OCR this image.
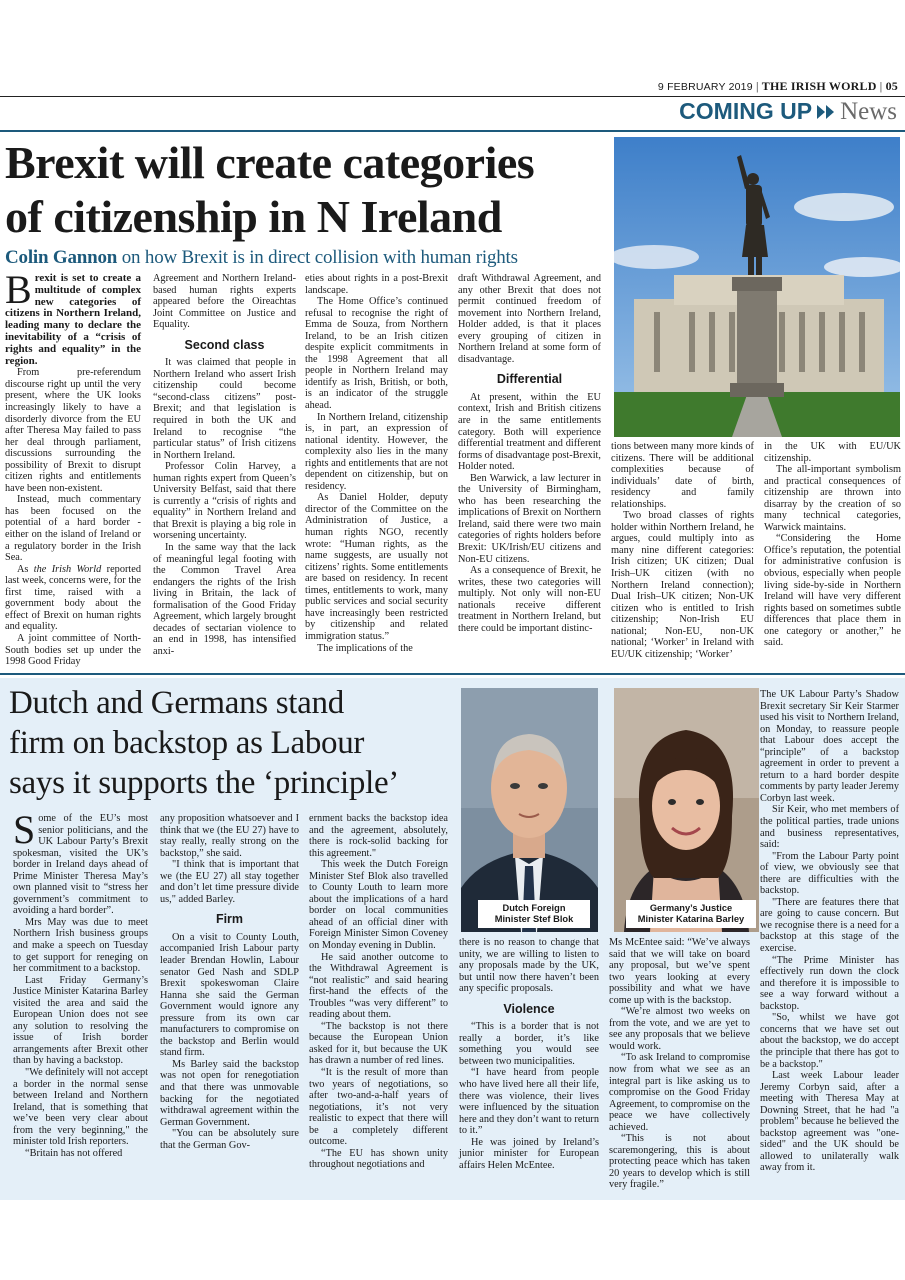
9 FEBRUARY 2019 | THE IRISH WORLD | 05
COMING UP News
Brexit will create categories
of citizenship in N Ireland
Colin Gannon on how Brexit is in direct collision with human rights

Brexit is set to create a multitude of complex new categories of citizens in Northern Ireland, leading many to declare the inevitability of a “crisis of rights and equality” in the region.

From pre-referendum discourse right up until the very present, where the UK looks increasingly likely to have a disorderly divorce from the EU after Theresa May failed to pass her deal through parliament, discussions surrounding the possibility of Brexit to disrupt citizen rights and entitlements have been non-existent.

Instead, much commentary has been focused on the potential of a hard border - either on the island of Ireland or a regulatory border in the Irish Sea.

As the Irish World reported last week, concerns were, for the first time, raised with a government body about the effect of Brexit on human rights and equality.

A joint committee of North-South bodies set up under the 1998 Good Friday

Agreement and Northern Ireland-based human rights experts appeared before the Oireachtas Joint Committee on Justice and Equality.

Second class

It was claimed that people in Northern Ireland who assert Irish citizenship could become “second-class citizens” post-Brexit; and that legislation is required in both the UK and Ireland to recognise “the particular status” of Irish citizens in Northern Ireland.

Professor Colin Harvey, a human rights expert from Queen’s University Belfast, said that there is currently a “crisis of rights and equality” in Northern Ireland and that Brexit is playing a big role in worsening uncertainty.

In the same way that the lack of meaningful legal footing with the Common Travel Area endangers the rights of the Irish living in Britain, the lack of formalisation of the Good Friday Agreement, which largely brought decades of sectarian violence to an end in 1998, has intensified anxi-

eties about rights in a post-Brexit landscape.

The Home Office’s continued refusal to recognise the right of Emma de Souza, from Northern Ireland, to be an Irish citizen despite explicit commitments in the 1998 Agreement that all people in Northern Ireland may identify as Irish, British, or both, is an indicator of the struggle ahead.

In Northern Ireland, citizenship is, in part, an expression of national identity. However, the complexity also lies in the many rights and entitlements that are not dependent on citizenship, but on residency.

As Daniel Holder, deputy director of the Committee on the Administration of Justice, a human rights NGO, recently wrote: “Human rights, as the name suggests, are usually not citizens’ rights. Some entitlements are based on residency. In recent times, entitlements to work, many public services and social security have increasingly been restricted by citizenship and related immigration status.”

The implications of the

draft Withdrawal Agreement, and any other Brexit that does not permit continued freedom of movement into Northern Ireland, Holder added, is that it places every grouping of citizen in Northern Ireland at some form of disadvantage.

Differential

At present, within the EU context, Irish and British citizens are in the same entitlements category. Both will experience differential treatment and different forms of disadvantage post-Brexit, Holder noted.

Ben Warwick, a law lecturer in the University of Birmingham, who has been researching the implications of Brexit on Northern Ireland, said there were two main categories of rights holders before Brexit: UK/Irish/EU citizens and Non-EU citizens.

As a consequence of Brexit, he writes, these two categories will multiply. Not only will non-EU nationals receive different treatment in Northern Ireland, but there could be important distinc-

tions between many more kinds of citizens. There will be additional complexities because of individuals’ date of birth, residency and family relationships.

Two broad classes of rights holder within Northern Ireland, he argues, could multiply into as many nine different categories: Irish citizen; UK citizen; Dual Irish–UK citizen (with no Northern Ireland connection); Dual Irish–UK citizen; Non-UK citizen who is entitled to Irish citizenship; Non-Irish EU national; Non-EU, non-UK national; ‘Worker’ in Ireland with EU/UK citizenship; ‘Worker’

in the UK with EU/UK citizenship.

The all-important symbolism and practical consequences of citizenship are thrown into disarray by the creation of so many technical categories, Warwick maintains.

“Considering the Home Office’s reputation, the potential for administrative confusion is obvious, especially when people living side-by-side in Northern Ireland will have very different rights based on sometimes subtle differences that place them in one category or another,” he said.

Dutch and Germans stand
firm on backstop as Labour
says it supports the ‘principle’
Dutch Foreign
Minister Stef Blok
Germany’s Justice
Minister Katarina Barley

Some of the EU’s most senior politicians, and the UK Labour Party’s Brexit spokesman, visited the UK’s border in Ireland days ahead of Prime Minister Theresa May’s own planned visit to “stress her government’s commitment to avoiding a hard border”.

Mrs May was due to meet Northern Irish business groups and make a speech on Tuesday to get support for reneging on her commitment to a backstop.

Last Friday Germany’s Justice Minister Katarina Barley visited the area and said the European Union does not see any solution to resolving the issue of Irish border arrangements after Brexit other than by having a backstop.

"We definitely will not accept a border in the normal sense between Ireland and Northern Ireland, that is something that we’ve been very clear about from the very beginning," the minister told Irish reporters.

“Britain has not offered

any proposition whatsoever and I think that we (the EU 27) have to stay really, really strong on the backstop,” she said.

"I think that is important that we (the EU 27) all stay together and don’t let time pressure divide us," added Barley.

Firm

On a visit to County Louth, accompanied Irish Labour party leader Brendan Howlin, Labour senator Ged Nash and SDLP Brexit spokeswoman Claire Hanna she said the German Government would ignore any pressure from its own car manufacturers to compromise on the backstop and Berlin would stand firm.

Ms Barley said the backstop was not open for renegotiation and that there was unmovable backing for the negotiated withdrawal agreement within the German Government.

"You can be absolutely sure that the German Gov-

ernment backs the backstop idea and the agreement, absolutely, there is rock-solid backing for this agreement."

This week the Dutch Foreign Minister Stef Blok also travelled to County Louth to learn more about the implications of a hard border on local communities ahead of an official diner with Foreign Minister Simon Coveney on Monday evening in Dublin.

He said another outcome to the Withdrawal Agreement is “not realistic” and said hearing first-hand the effects of the Troubles “was very different” to reading about them.

“The backstop is not there because the European Union asked for it, but because the UK has drawn a number of red lines.

“It is the result of more than two years of negotiations, so after two-and-a-half years of negotiations, it’s not very realistic to expect that there will be a completely different outcome.

“The EU has shown unity throughout negotiations and

there is no reason to change that unity, we are willing to listen to any proposals made by the UK, but until now there haven’t been any specific proposals.

Violence

“This is a border that is not really a border, it’s like something you would see between two municipalities.

“I have heard from people who have lived here all their life, there was violence, their lives were influenced by the situation here and they don’t want to return to it.”

He was joined by Ireland’s junior minister for European affairs Helen McEntee.

Ms McEntee said: “We’ve always said that we will take on board any proposal, but we’ve spent two years looking at every possibility and what we have come up with is the backstop.

“We’re almost two weeks on from the vote, and we are yet to see any proposals that we believe would work.

“To ask Ireland to compromise now from what we see as an integral part is like asking us to compromise on the Good Friday Agreement, to compromise on the peace we have collectively achieved.

“This is not about scaremongering, this is about protecting peace which has taken 20 years to develop which is still very fragile.”

The UK Labour Party’s Shadow Brexit secretary Sir Keir Starmer used his visit to Northern Ireland, on Monday, to reassure people that Labour does accept the “principle” of a backstop agreement in order to prevent a return to a hard border despite comments by party leader Jeremy Corbyn last week.

Sir Keir, who met members of the political parties, trade unions and business representatives, said:

"From the Labour Party point of view, we obviously see that there are difficulties with the backstop.

"There are features there that are going to cause concern. But we recognise there is a need for a backstop at this stage of the exercise.

“The Prime Minister has effectively run down the clock and therefore it is impossible to see a way forward without a backstop.

"So, whilst we have got concerns that we have set out about the backstop, we do accept the principle that there has got to be a backstop."

Last week Labour leader Jeremy Corbyn said, after a meeting with Theresa May at Downing Street, that he had "a problem" because he believed the backstop agreement was "one-sided" and the UK should be allowed to unilaterally walk away from it.
